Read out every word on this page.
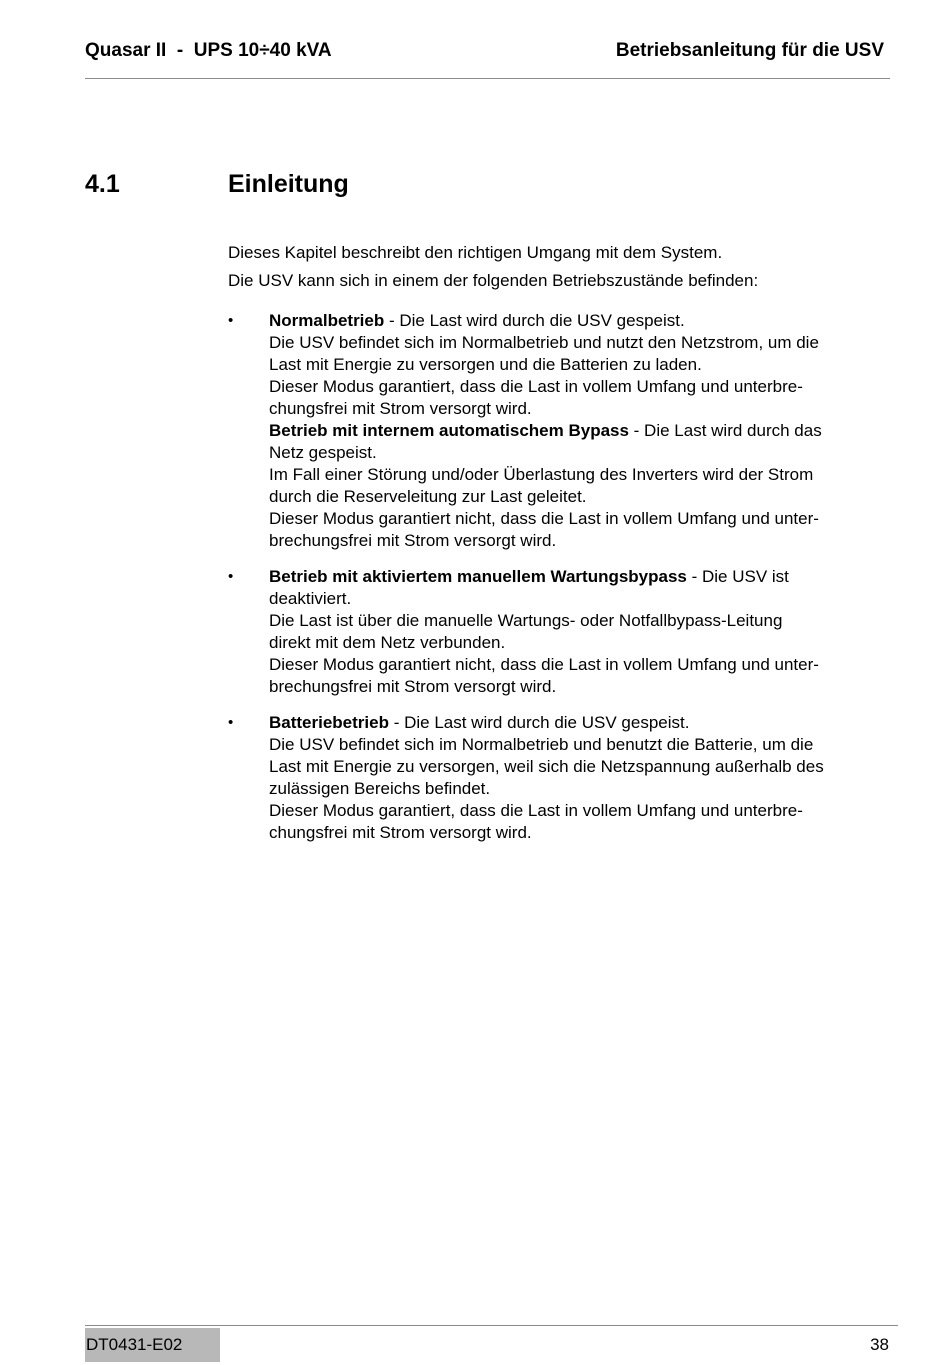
Quasar II  -  UPS 10÷40 kVA	Betriebsanleitung für die USV
4.1	Einleitung

Dieses Kapitel beschreibt den richtigen Umgang mit dem System.

Die USV kann sich in einem der folgenden Betriebszustände befinden:

•	Normalbetrieb - Die Last wird durch die USV gespeist.
Die USV befindet sich im Normalbetrieb und nutzt den Netzstrom, um die
Last mit Energie zu versorgen und die Batterien zu laden.
Dieser Modus garantiert, dass die Last in vollem Umfang und unterbre-
chungsfrei mit Strom versorgt wird.
Betrieb mit internem automatischem Bypass - Die Last wird durch das
Netz gespeist.
Im Fall einer Störung und/oder Überlastung des Inverters wird der Strom
durch die Reserveleitung zur Last geleitet.
Dieser Modus garantiert nicht, dass die Last in vollem Umfang und unter-
brechungsfrei mit Strom versorgt wird.
•	Betrieb mit aktiviertem manuellem Wartungsbypass - Die USV ist
deaktiviert.
Die Last ist über die manuelle Wartungs- oder Notfallbypass-Leitung
direkt mit dem Netz verbunden.
Dieser Modus garantiert nicht, dass die Last in vollem Umfang und unter-
brechungsfrei mit Strom versorgt wird.
•	Batteriebetrieb - Die Last wird durch die USV gespeist.
Die USV befindet sich im Normalbetrieb und benutzt die Batterie, um die
Last mit Energie zu versorgen, weil sich die Netzspannung außerhalb des
zulässigen Bereichs befindet.
Dieser Modus garantiert, dass die Last in vollem Umfang und unterbre-
chungsfrei mit Strom versorgt wird.
DT0431-E02	38
